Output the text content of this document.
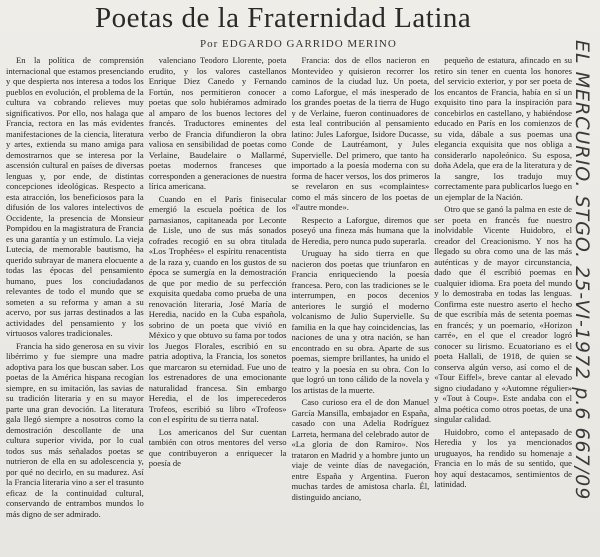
Poetas de la Fraternidad Latina
Por EDGARDO GARRIDO MERINO

En la política de comprensión internacional que estamos presenciando y que despierta nos interesa a todos los pueblos en evolución, el problema de la cultura va cobrando relieves muy significativos. Por ello, nos halaga que Francia, rectora en las más evidentes manifestaciones de la ciencia, literatura y artes, extienda su mano amiga para demostrarnos que se interesa por la ascensión cultural en países de diversas lenguas y, por ende, de distintas concepciones ideológicas. Respecto a esta atracción, los beneficiosos para la difusión de los valores intelectivos de Occidente, la presencia de Monsieur Pompidou en la magistratura de Francia es una garantía y un estímulo. La vieja Lutecia, de memorable bautismo, ha querido subrayar de manera elocuente a todas las épocas del pensamiento humano, pues los conciudadanos relevantes de todo el mundo que se someten a su reforma y aman a su acervo, por sus jarras destinados a las actividades del pensamiento y los virtuosos valores tradicionales.

Francia ha sido generosa en su vivir libérrimo y fue siempre una madre adoptiva para los que buscan saber. Los poetas de la América hispana recogían siempre, en su imitación, las savias de su tradición literaria y en su mayor parte una gran devoción. La literatura gala llegó siempre a nosotros como la demostración descollante de una cultura superior vivida, por lo cual todos sus más señalados poetas se nutrieron de ella en su adolescencia y, por qué no decirlo, en su madurez. Así la Francia literaria vino a ser el trasunto eficaz de la continuidad cultural, conservando de entrambos mundos lo más digno de ser admirado.

valenciano Teodoro Llorente, poeta erudito, y los valores castellanos Enrique Diez Canedo y Fernando Fortún, nos permitieron conocer a poetas que solo hubiéramos admirado al amparo de los buenos lectores del francés. Traductores eminentes del verbo de Francia difundieron la obra valiosa en sensibilidad de poetas como Verlaine, Baudelaire o Mallarmé, poetas modernos franceses que corresponden a generaciones de nuestra lírica americana.

Cuando en el París finisecular emergió la escuela poética de los parnasianos, capitaneada por Leconte de Lisle, uno de sus más sonados cofrades recogió en su obra titulada «Los Trophées» el espíritu renacentista de la raza y, cuando en los gustos de su época se sumergía en la demostración de que por medio de su perfección exquisita quedaba como prueba de una renovación literaria, José María de Heredia, nacido en la Cuba española, sobrino de un poeta que vivió en México y que obtuvo su fama por todos los Juegos Florales, escribió en su patria adoptiva, la Francia, los sonetos que marcaron su eternidad. Fue uno de los estrenadores de una emocionante naturalidad francesa. Sin embargo Heredia, el de los imperecederos Trofeos, escribió su libro «Trofeos» con el espíritu de su tierra natal.

Los americanos del Sur cuentan también con otros mentores del verso que contribuyeron a enriquecer la poesía de

Francia: dos de ellos nacieron en Montevideo y quisieron recorrer los caminos de la ciudad luz. Un poeta, como Laforgue, el más inesperado de los grandes poetas de la tierra de Hugo y de Verlaine, fueron continuadores de esta leal contribución al pensamiento latino: Jules Laforgue, Isidore Ducasse, Conde de Lautréamont, y Jules Supervielle. Del primero, que tanto ha importado a la poesía moderna con su forma de hacer versos, los dos primeros se revelaron en sus «complaintes» como el más sincero de los poetas de «l'autre monde».

Respecto a Laforgue, diremos que poseyó una fineza más humana que la de Heredia, pero nunca pudo superarla.

Uruguay ha sido tierra en que nacieron dos poetas que triunfaron en Francia enriqueciendo la poesía francesa. Pero, con las tradiciones se le interrumpen, en pocos decenios anteriores le surgió el moderno volcanismo de Julio Supervielle. Su familia en la que hay coincidencias, las naciones de una y otra nación, se han encontrado en su obra. Aparte de sus poemas, siempre brillantes, ha unido el teatro y la poesía en su obra. Con lo que logró un tono cálido de la novela y los artistas de la muerte.

Caso curioso era el de don Manuel García Mansilla, embajador en España, casado con una Adelia Rodríguez Larreta, hermana del celebrado autor de «La gloria de don Ramiro». Nos trataron en Madrid y a hombre junto un viaje de veinte días de navegación, entre España y Argentina. Fueron muchas tardes de amistosa charla. Él, distinguido anciano,

pequeño de estatura, afincado en su retiro sin tener en cuenta los honores del servicio exterior, y por ser poeta de los encantos de Francia, había en sí un exquisito tino para la inspiración para concebirlos en castellano, y habiéndose educado en París en los comienzos de su vida, dábale a sus poemas una elegancia exquisita que nos obliga a considerarlo napoleónico. Su esposa, doña Adela, que era de la literatura y de la sangre, los tradujo muy correctamente para publicarlos luego en un ejemplar de la Nación.

Otro que se ganó la palma en este de ser poeta en francés fue nuestro inolvidable Vicente Huidobro, el creador del Creacionismo. Y nos ha llegado su obra como una de las más auténticas y de mayor circunstancia, dado que él escribió poemas en cualquier idioma. Era poeta del mundo y lo demostraba en todas las lenguas. Confirma este nuestro aserto el hecho de que escribía más de setenta poemas en francés; y un poemario, «Horizon carré», en el que el creador logró conocer su lirismo. Ecuatoriano es el poeta Hallali, de 1918, de quien se conserva algún verso, así como el de «Tour Eiffel», breve cantar al elevado signo ciudadano y «Automne régulier» y «Tout à Coup». Este andaba con el alma poética como otros poetas, de una singular calidad.

Huidobro, como el antepasado de Heredia y los ya mencionados uruguayos, ha rendido su homenaje a Francia en lo más de su sentido, que hoy aquí destacamos, sentimientos de latinidad.	EL MERCURIO. STGO. 25-VI-1972 p.6 667/09
